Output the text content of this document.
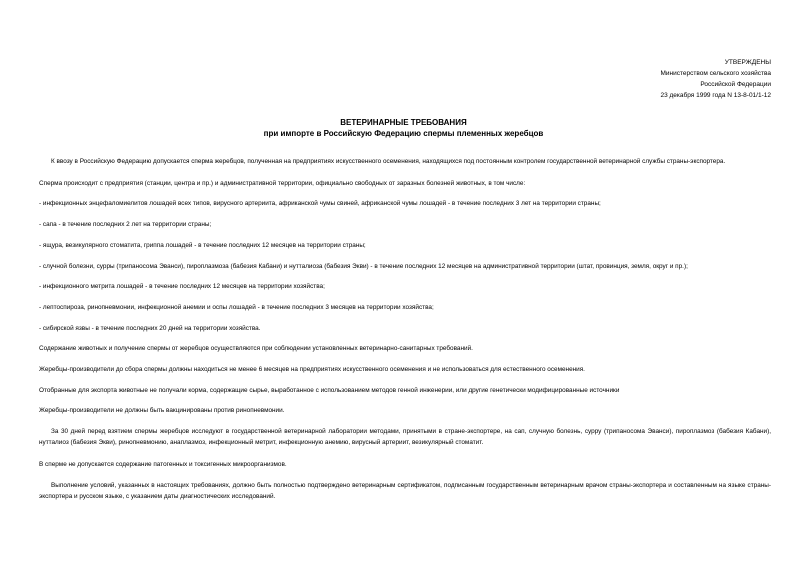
УТВЕРЖДЕНЫ
Министерством сельского хозяйства
Российской Федерации
23 декабря 1999 года N 13-8-01/1-12
ВЕТЕРИНАРНЫЕ ТРЕБОВАНИЯ
при импорте в Российскую Федерацию спермы племенных жеребцов

К ввозу в Российскую Федерацию допускается сперма жеребцов, полученная на предприятиях искусственного осеменения, находящихся под постоянным контролем государственной ветеринарной службы страны-экспортера.

Сперма происходит с предприятия (станции, центра и пр.) и административной территории, официально свободных от заразных болезней животных, в том числе:

- инфекционных энцефаломиелитов лошадей всех типов, вирусного артериита, африканской чумы свиней, африканской чумы лошадей - в течение последних 3 лет на территории страны;

- сапа - в течение последних 2 лет на территории страны;

- ящура, везикулярного стоматита, гриппа лошадей - в течение последних 12 месяцев на территории страны;

- случной болезни, сурры (трипаносома Эванси), пироплазмоза (бабезия Кабани) и нутталиоза (бабезия Экви) - в течение последних 12 месяцев на административной территории (штат, провинция, земля, округ и пр.);

- инфекционного метрита лошадей - в течение последних 12 месяцев на территории хозяйства;

- лептоспироза, ринопневмонии, инфекционной анемии и оспы лошадей - в течение последних 3 месяцев на территории хозяйства;

- сибирской язвы - в течение последних 20 дней на территории хозяйства.

Содержание животных и получение спермы от жеребцов осуществляются при соблюдении установленных ветеринарно-санитарных требований.

Жеребцы-производители до сбора спермы должны находиться не менее 6 месяцев на предприятиях искусственного осеменения и не использоваться для естественного осеменения.

Отобранные для экспорта животные не получали корма, содержащие сырье, выработанное с использованием методов генной инженерии, или другие генетически модифицированные источники

Жеребцы-производители не должны быть вакцинированы против ринопневмонии.

За 30 дней перед взятием спермы жеребцов исследуют в государственной ветеринарной лаборатории методами, принятыми в стране-экспортере, на сап, случную болезнь, сурру (трипаносома Эванси), пироплазмоз (бабезия Кабани), нутталиоз (бабезия Экви), ринопневмонию, анаплазмоз, инфекционный метрит, инфекционную анемию, вирусный артериит, везикулярный стоматит.

В сперме не допускается содержание патогенных и токсигенных микроорганизмов.

Выполнение условий, указанных в настоящих требованиях, должно быть полностью подтверждено ветеринарным сертификатом, подписанным государственным ветеринарным врачом страны-экспортера и составленным на языке страны-экспортера и русском языке, с указанием даты диагностических исследований.
